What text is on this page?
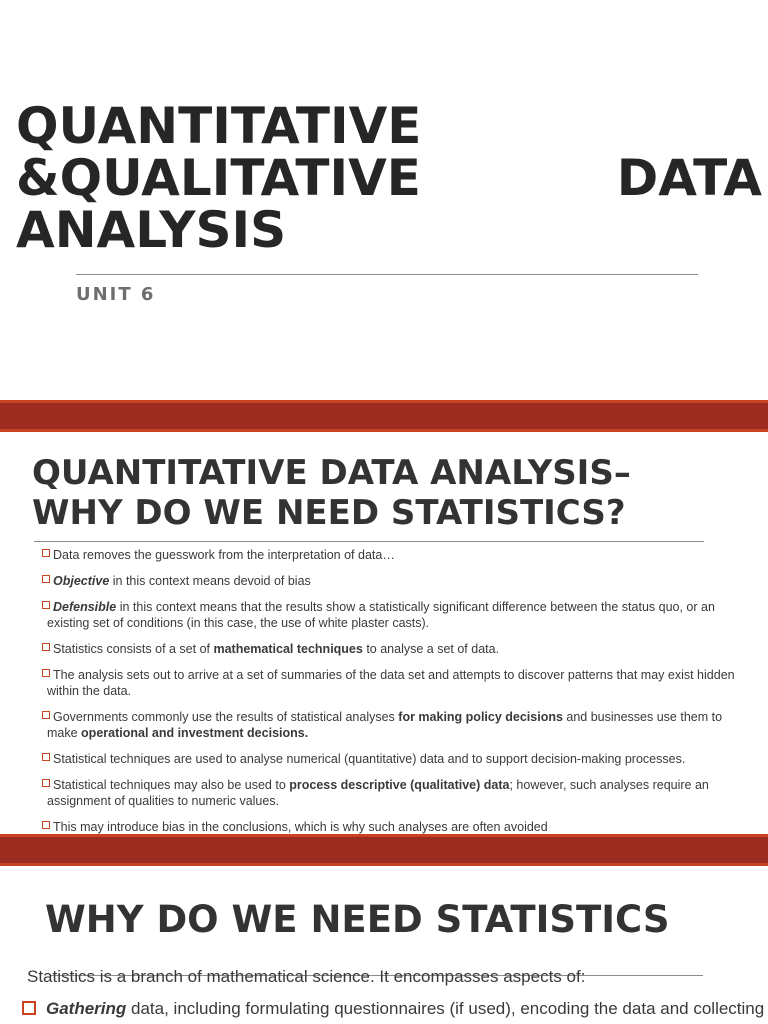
QUANTITATIVE
&QUALITATIVE	DATA
ANALYSIS
UNIT 6
QUANTITATIVE DATA ANALYSIS–
WHY DO WE NEED STATISTICS?
Data removes the guesswork from the interpretation of data…
Objective in this context means devoid of bias
Defensible in this context means that the results show a statistically significant difference between the status quo, or an existing set of conditions (in this case, the use of white plaster casts).
Statistics consists of a set of mathematical techniques to analyse a set of data.
The analysis sets out to arrive at a set of summaries of the data set and attempts to discover patterns that may exist hidden within the data.
Governments commonly use the results of statistical analyses for making policy decisions and businesses use them to make operational and investment decisions.
Statistical techniques are used to analyse numerical (quantitative) data and to support decision-making processes.
Statistical techniques may also be used to process descriptive (qualitative) data; however, such analyses require an assignment of qualities to numeric values.
This may introduce bias in the conclusions, which is why such analyses are often avoided
WHY DO WE NEED STATISTICS
Statistics is a branch of mathematical science. It encompasses aspects of:
Gathering data, including formulating questionnaires (if used), encoding the data and collecting
